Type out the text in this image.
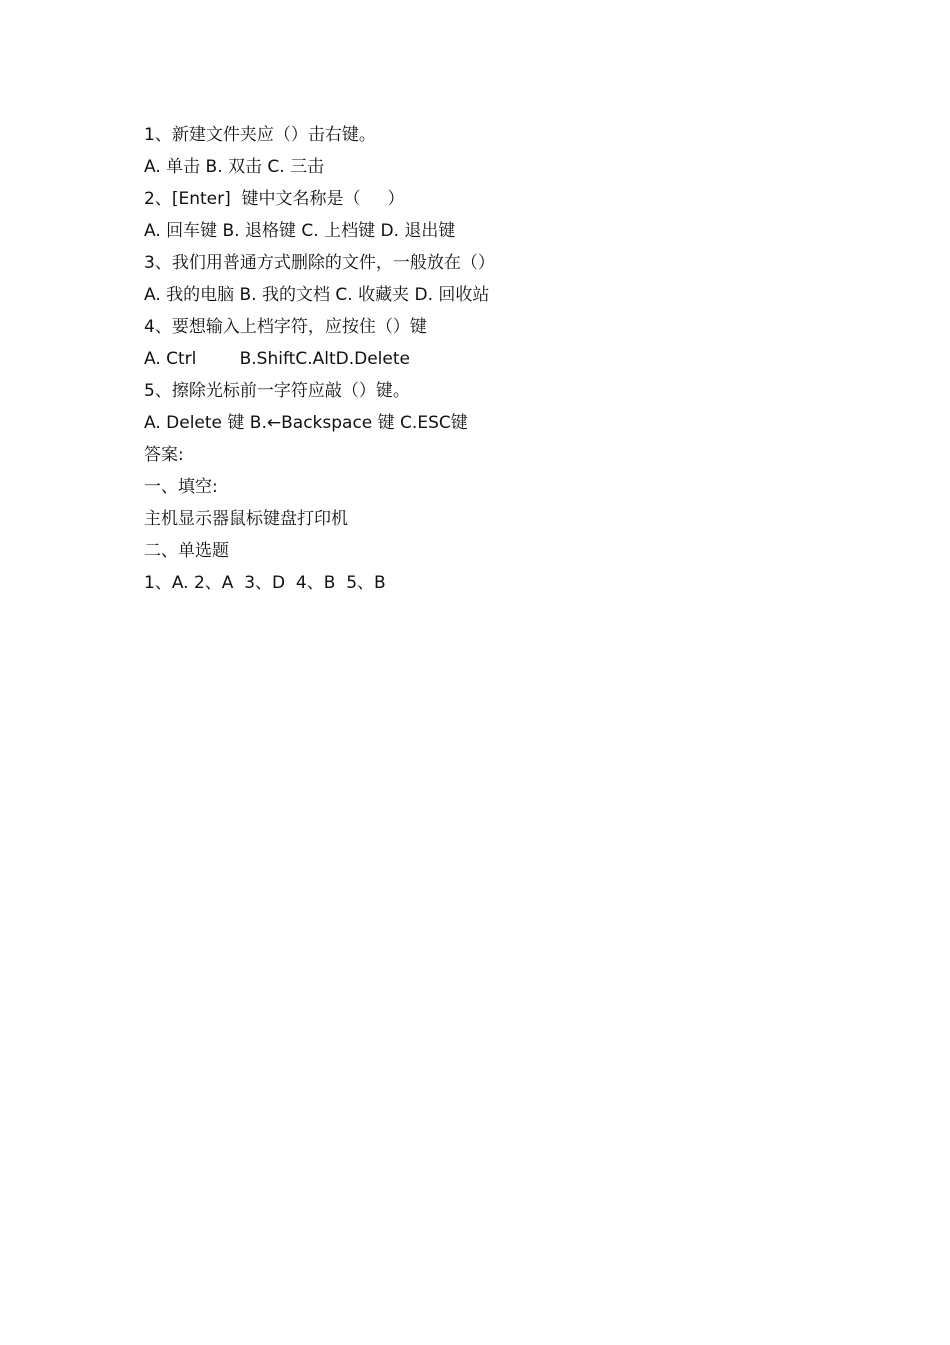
1、新建文件夹应（）击右键。
A. 单击 B. 双击 C. 三击
2、[Enter]  键中文名称是（     ）
A. 回车键 B. 退格键 C. 上档键 D. 退出键
3、我们用普通方式删除的文件，一般放在（）
A. 我的电脑 B. 我的文档 C. 收藏夹 D. 回收站
4、要想输入上档字符，应按住（）键
A. Ctrl        B.ShiftC.AltD.Delete
5、擦除光标前一字符应敲（）键。
A. Delete 键 B.←Backspace 键 C.ESC键
答案:
一、填空:
主机显示器鼠标键盘打印机
二、单选题
1、A. 2、A  3、D  4、B  5、B
